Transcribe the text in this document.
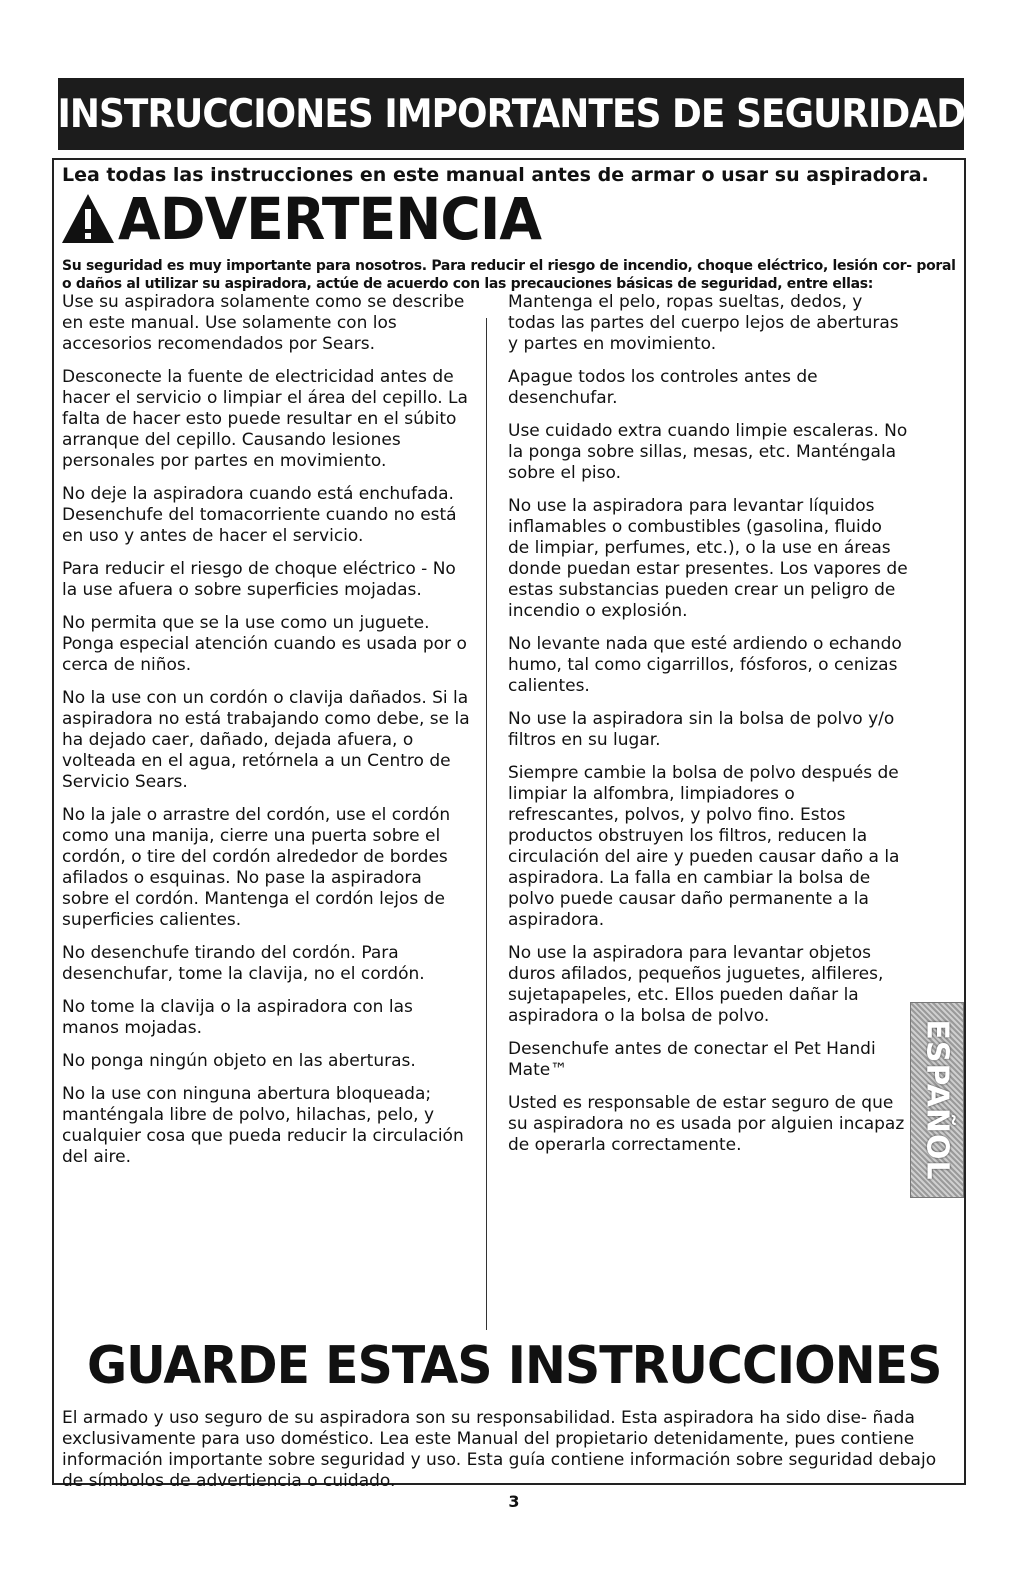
INSTRUCCIONES IMPORTANTES DE SEGURIDAD
Lea todas las instrucciones en este manual antes de armar o usar su aspiradora.
ADVERTENCIA
Su seguridad es muy importante para nosotros. Para reducir el riesgo de incendio, choque eléctrico, lesión cor- poral o daños al utilizar su aspiradora, actúe de acuerdo con las precauciones básicas de seguridad, entre ellas:

Use su aspiradora solamente como se describe en este manual. Use solamente con los accesorios recomendados por Sears.

Desconecte la fuente de electricidad antes de hacer el servicio o limpiar el área del cepillo. La falta de hacer esto puede resultar en el súbito arranque del cepillo. Causando lesiones personales por partes en movimiento.

No deje la aspiradora cuando está enchufada. Desenchufe del tomacorriente cuando no está en uso y antes de hacer el servicio.

Para reducir el riesgo de choque eléctrico - No la use afuera o sobre superficies mojadas.

No permita que se la use como un juguete. Ponga especial atención cuando es usada por o cerca de niños.

No la use con un cordón o clavija dañados. Si la aspiradora no está trabajando como debe, se la ha dejado caer, dañado, dejada afuera, o volteada en el agua, retórnela a un Centro de Servicio Sears.

No la jale o arrastre del cordón, use el cordón como una manija, cierre una puerta sobre el cordón, o tire del cordón alrededor de bordes afilados o esquinas. No pase la aspiradora sobre el cordón. Mantenga el cordón lejos de superficies calientes.

No desenchufe tirando del cordón. Para desenchufar, tome la clavija, no el cordón.

No tome la clavija o la aspiradora con las manos mojadas.

No ponga ningún objeto en las aberturas.

No la use con ninguna abertura bloqueada; manténgala libre de polvo, hilachas, pelo, y cualquier cosa que pueda reducir la circulación del aire.

Mantenga el pelo, ropas sueltas, dedos, y todas las partes del cuerpo lejos de aberturas y partes en movimiento.

Apague todos los controles antes de desenchufar.

Use cuidado extra cuando limpie escaleras. No la ponga sobre sillas, mesas, etc. Manténgala sobre el piso.

No use la aspiradora para levantar líquidos inflamables o combustibles (gasolina, fluido de limpiar, perfumes, etc.), o la use en áreas donde puedan estar presentes. Los vapores de estas substancias pueden crear un peligro de incendio o explosión.

No levante nada que esté ardiendo o echando humo, tal como cigarrillos, fósforos, o cenizas calientes.

No use la aspiradora sin la bolsa de polvo y/o filtros en su lugar.

Siempre cambie la bolsa de polvo después de limpiar la alfombra, limpiadores o refrescantes, polvos, y polvo fino. Estos productos obstruyen los filtros, reducen la circulación del aire y pueden causar daño a la aspiradora. La falla en cambiar la bolsa de polvo puede causar daño permanente a la aspiradora.

No use la aspiradora para levantar objetos duros afilados, pequeños juguetes, alfileres, sujetapapeles, etc. Ellos pueden dañar la aspiradora o la bolsa de polvo.

Desenchufe antes de conectar el Pet Handi Mate™

Usted es responsable de estar seguro de que su aspiradora no es usada por alguien incapaz de operarla correctamente.

GUARDE ESTAS INSTRUCCIONES
El armado y uso seguro de su aspiradora son su responsabilidad. Esta aspiradora ha sido dise- ñada exclusivamente para uso doméstico. Lea este Manual del propietario detenidamente, pues contiene información importante sobre seguridad y uso. Esta guía contiene información sobre seguridad debajo de símbolos de advertiencia o cuidado.
ESPAÑOL
3
